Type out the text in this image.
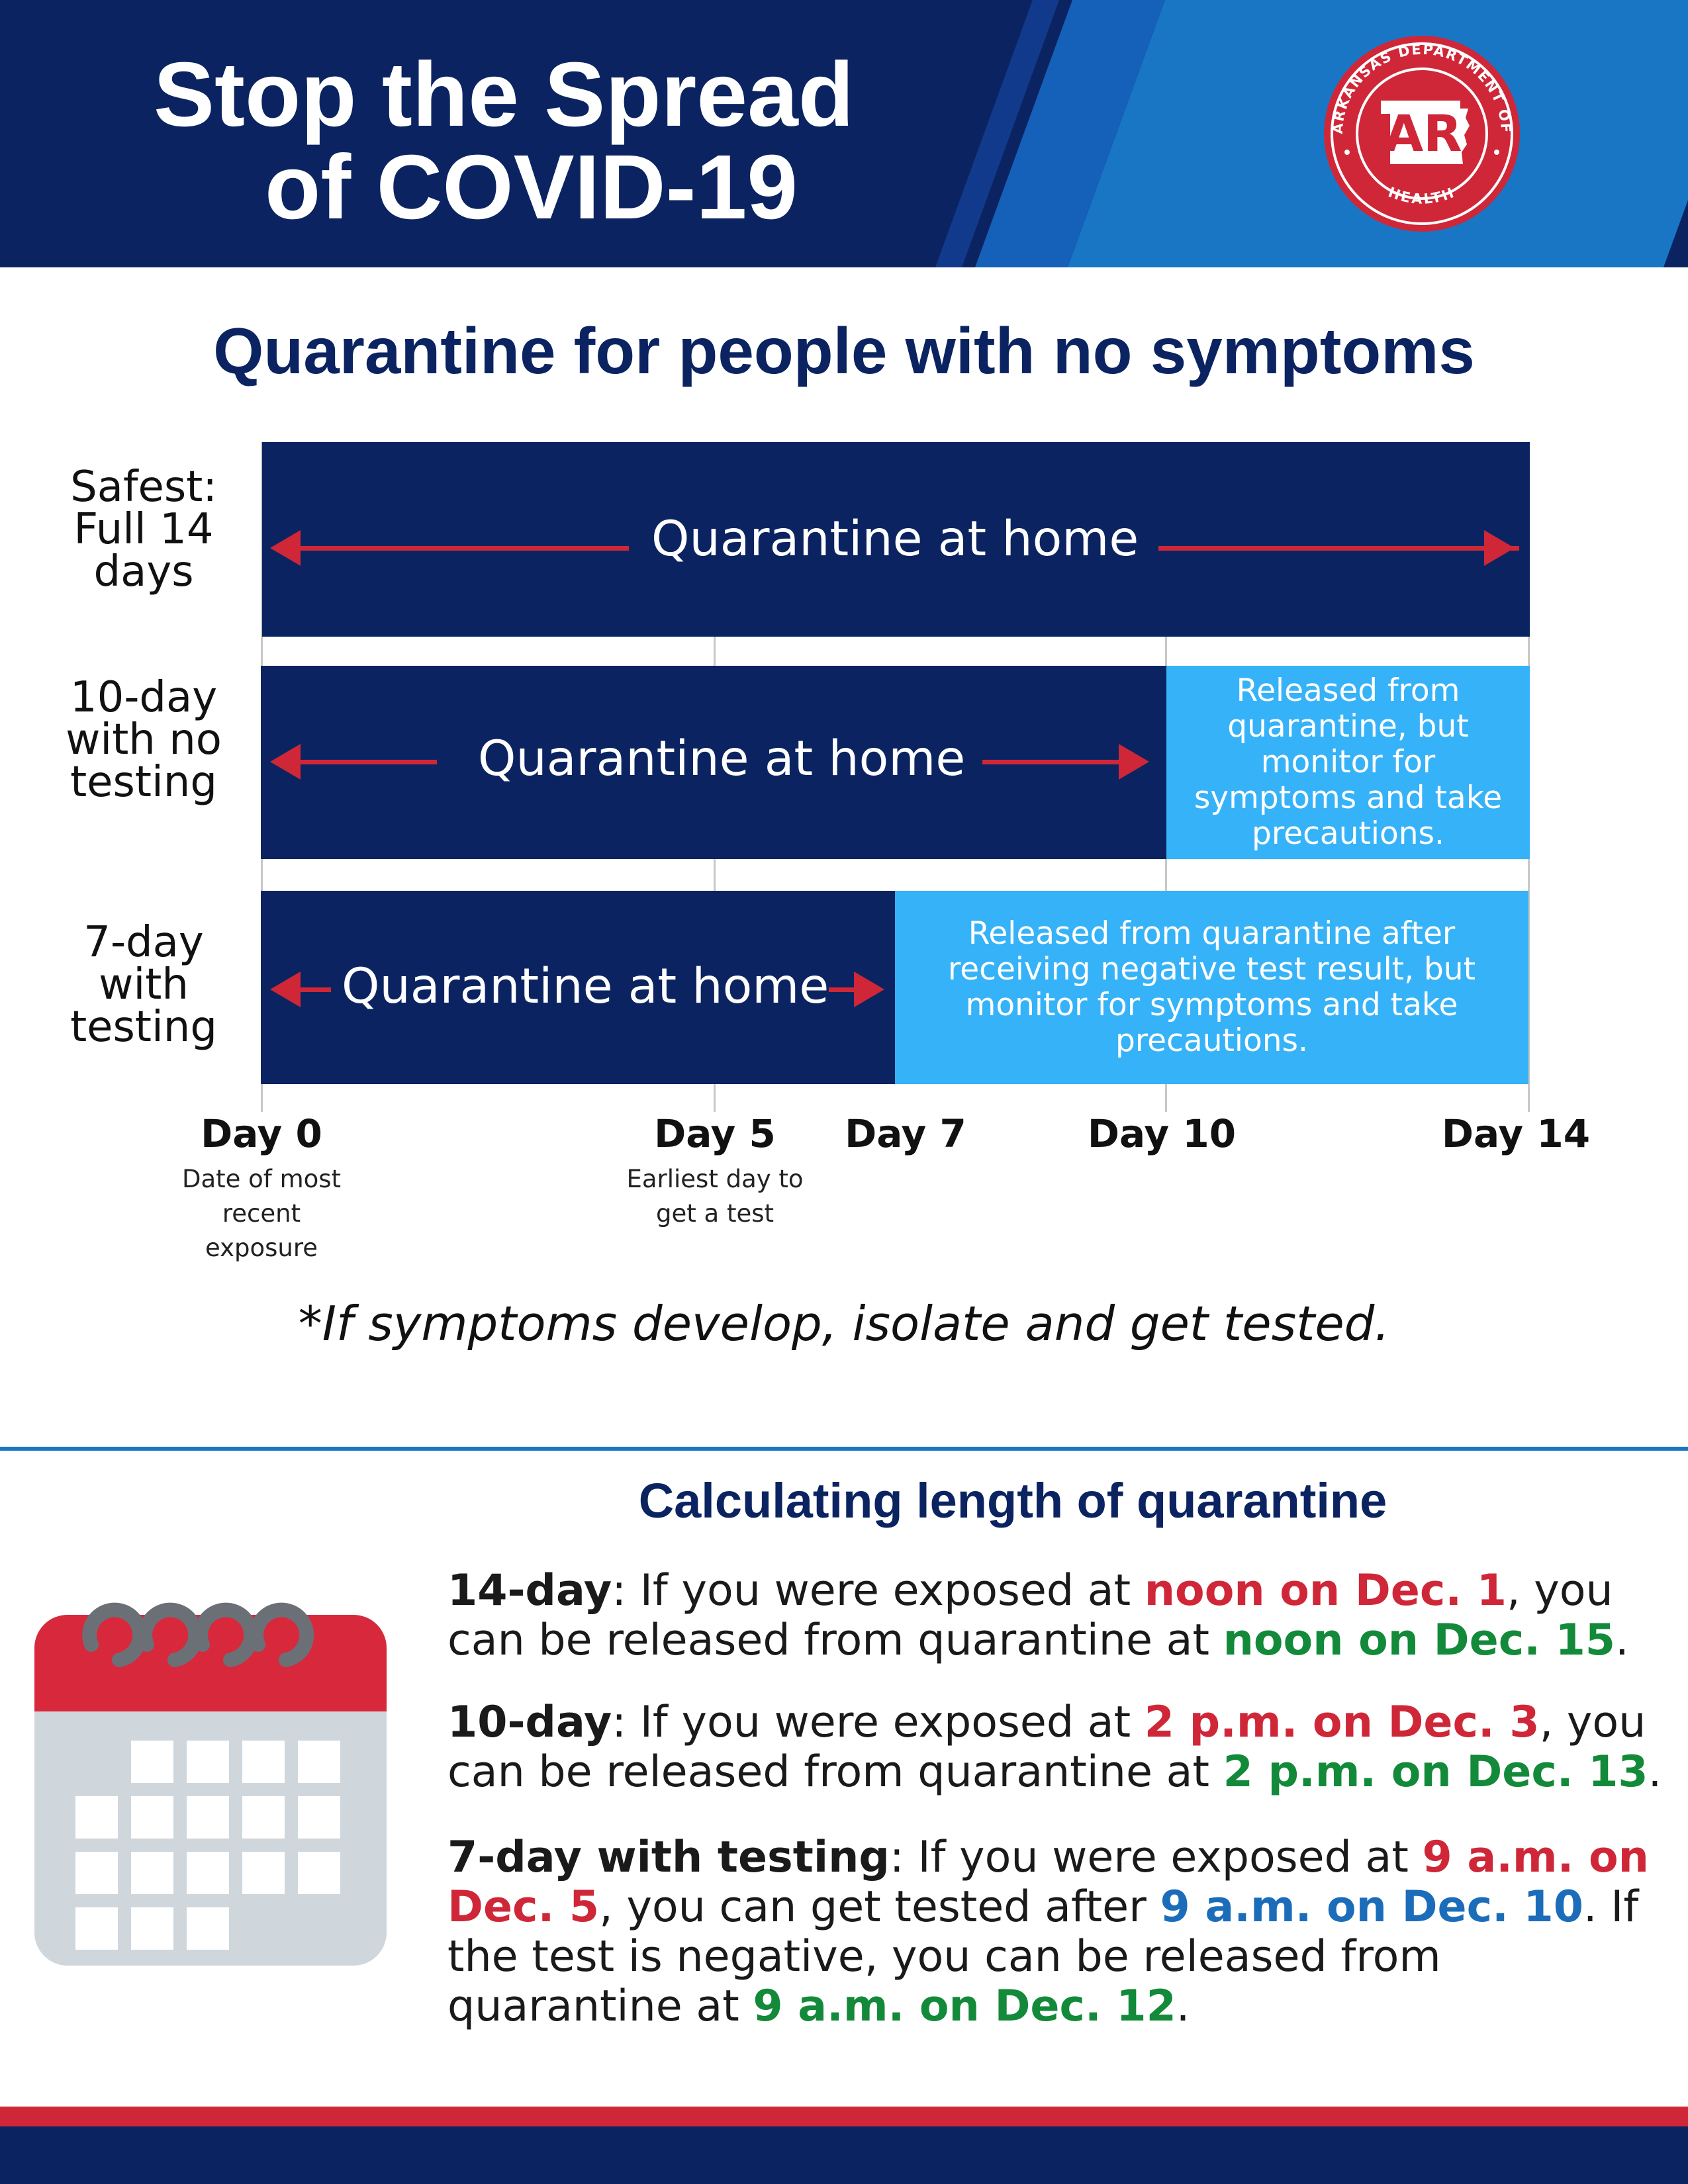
Stop the Spread
of COVID-19
ARKANSAS DEPARTMENT OF
HEALTH
AR
Quarantine for people with no symptoms
Safest:
Full 14
days
Quarantine at home
10-day
with no
testing
Released from
quarantine, but
monitor for
symptoms and take
precautions.
Quarantine at home
7-day
with
testing
Released from quarantine after
receiving negative test result, but
monitor for symptoms and take
precautions.
Quarantine at home
Day 0	Day 5 Day 7	Day 10	Day 14
Date of most
recent
exposure
Earliest day to
get a test
*If symptoms develop, isolate and get tested.
Calculating length of quarantine
14-day: If you were exposed at noon on Dec. 1, you can be released from quarantine at noon on Dec. 15.
10-day: If you were exposed at 2 p.m. on Dec. 3, you can be released from quarantine at 2 p.m. on Dec. 13.
7-day with testing: If you were exposed at 9 a.m. on Dec. 5, you can get tested after 9 a.m. on Dec. 10. If the test is negative, you can be released from quarantine at 9 a.m. on Dec. 12.
